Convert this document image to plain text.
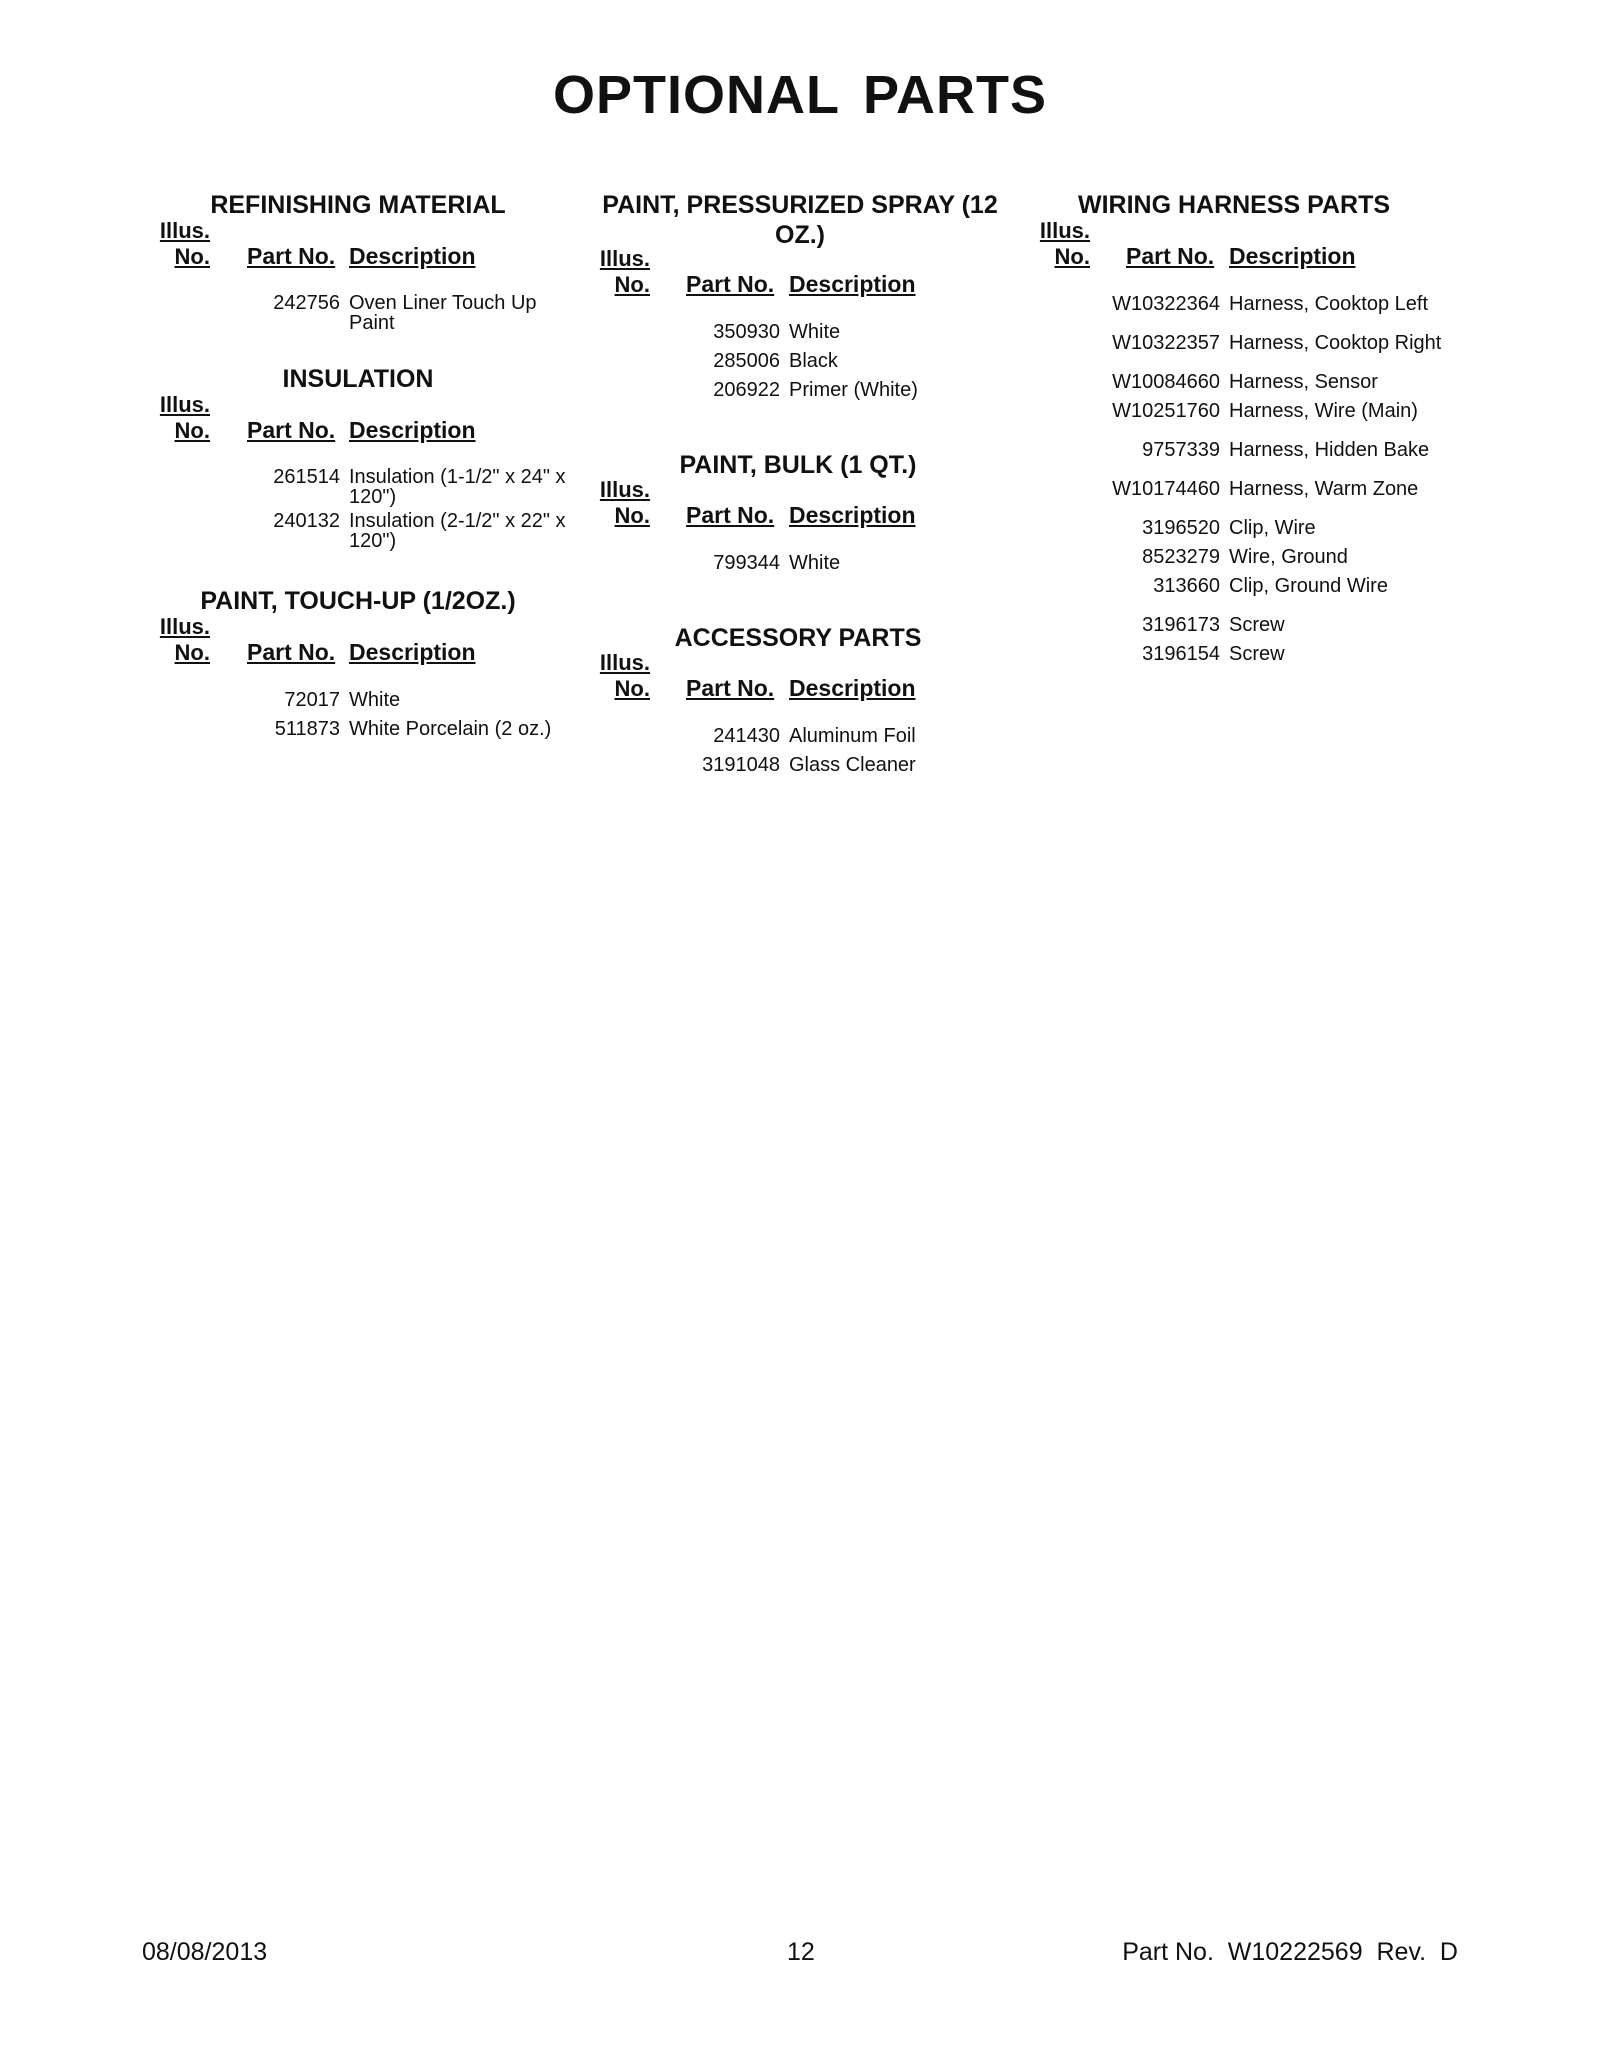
OPTIONAL PARTS
REFINISHING MATERIAL
Illus.
No. Part No. Description
242756 Oven Liner Touch Up Paint
INSULATION
Illus.
No. Part No. Description
261514 Insulation (1-1/2" x 24" x 120")
240132 Insulation (2-1/2" x 22" x 120")
PAINT, TOUCH-UP (1/2OZ.)
Illus.
No. Part No. Description
72017 White
511873 White Porcelain (2 oz.)
PAINT, PRESSURIZED SPRAY (12 OZ.)
Illus.
No. Part No. Description
350930 White
285006 Black
206922 Primer (White)
PAINT, BULK (1 QT.)
Illus.
No. Part No. Description
799344 White
ACCESSORY PARTS
Illus.
No. Part No. Description
241430 Aluminum Foil
3191048 Glass Cleaner
WIRING HARNESS PARTS
Illus.
No. Part No. Description
W10322364 Harness, Cooktop Left
W10322357 Harness, Cooktop Right
W10084660 Harness, Sensor
W10251760 Harness, Wire (Main)
9757339 Harness, Hidden Bake
W10174460 Harness, Warm Zone
3196520 Clip, Wire
8523279 Wire, Ground
313660 Clip, Ground Wire
3196173 Screw
3196154 Screw
08/08/2013	12	Part No.  W10222569  Rev.  D
